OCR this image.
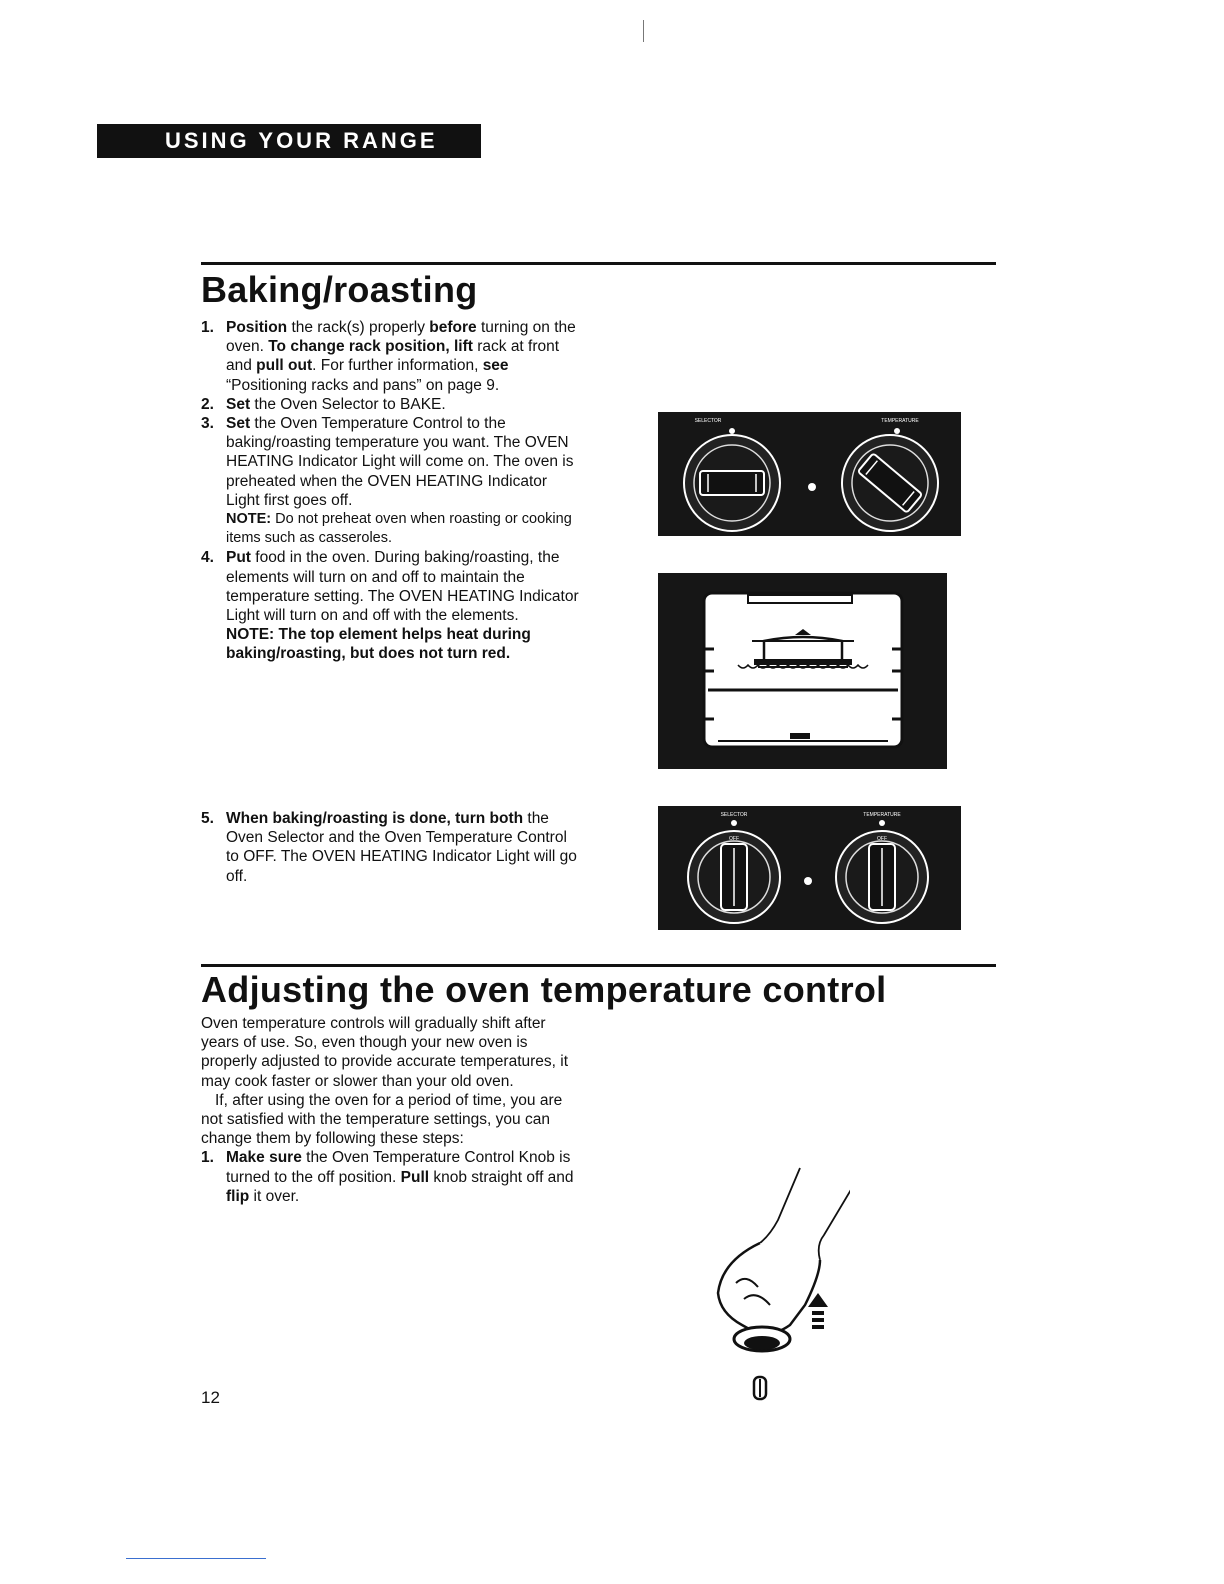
USING YOUR RANGE
Baking/roasting
1. Position the rack(s) properly before turning on the oven. To change rack position, lift rack at front and pull out. For further information, see “Positioning racks and pans” on page 9.
2. Set the Oven Selector to BAKE.
3. Set the Oven Temperature Control to the baking/roasting temperature you want. The OVEN HEATING Indicator Light will come on. The oven is preheated when the OVEN HEATING Indicator Light first goes off.

NOTE: Do not preheat oven when roasting or cooking items such as casseroles.

4. Put food in the oven. During baking/roasting, the elements will turn on and off to maintain the temperature setting. The OVEN HEATING Indicator Light will turn on and off with the elements.

NOTE: The top element helps heat during baking/roasting, but does not turn red.

5. When baking/roasting is done, turn both the Oven Selector and the Oven Temperature Control to OFF. The OVEN HEATING Indicator Light will go off.
SELECTOR	TEMPERATURE
SELECTOR	TEMPERATURE
OFF	OFF
Adjusting the oven temperature control

Oven temperature controls will gradually shift after years of use. So, even though your new oven is properly adjusted to provide accurate temperatures, it may cook faster or slower than your old oven.

If, after using the oven for a period of time, you are not satisfied with the temperature settings, you can change them by following these steps:

1. Make sure the Oven Temperature Control Knob is turned to the off position. Pull knob straight off and flip it over.
12
